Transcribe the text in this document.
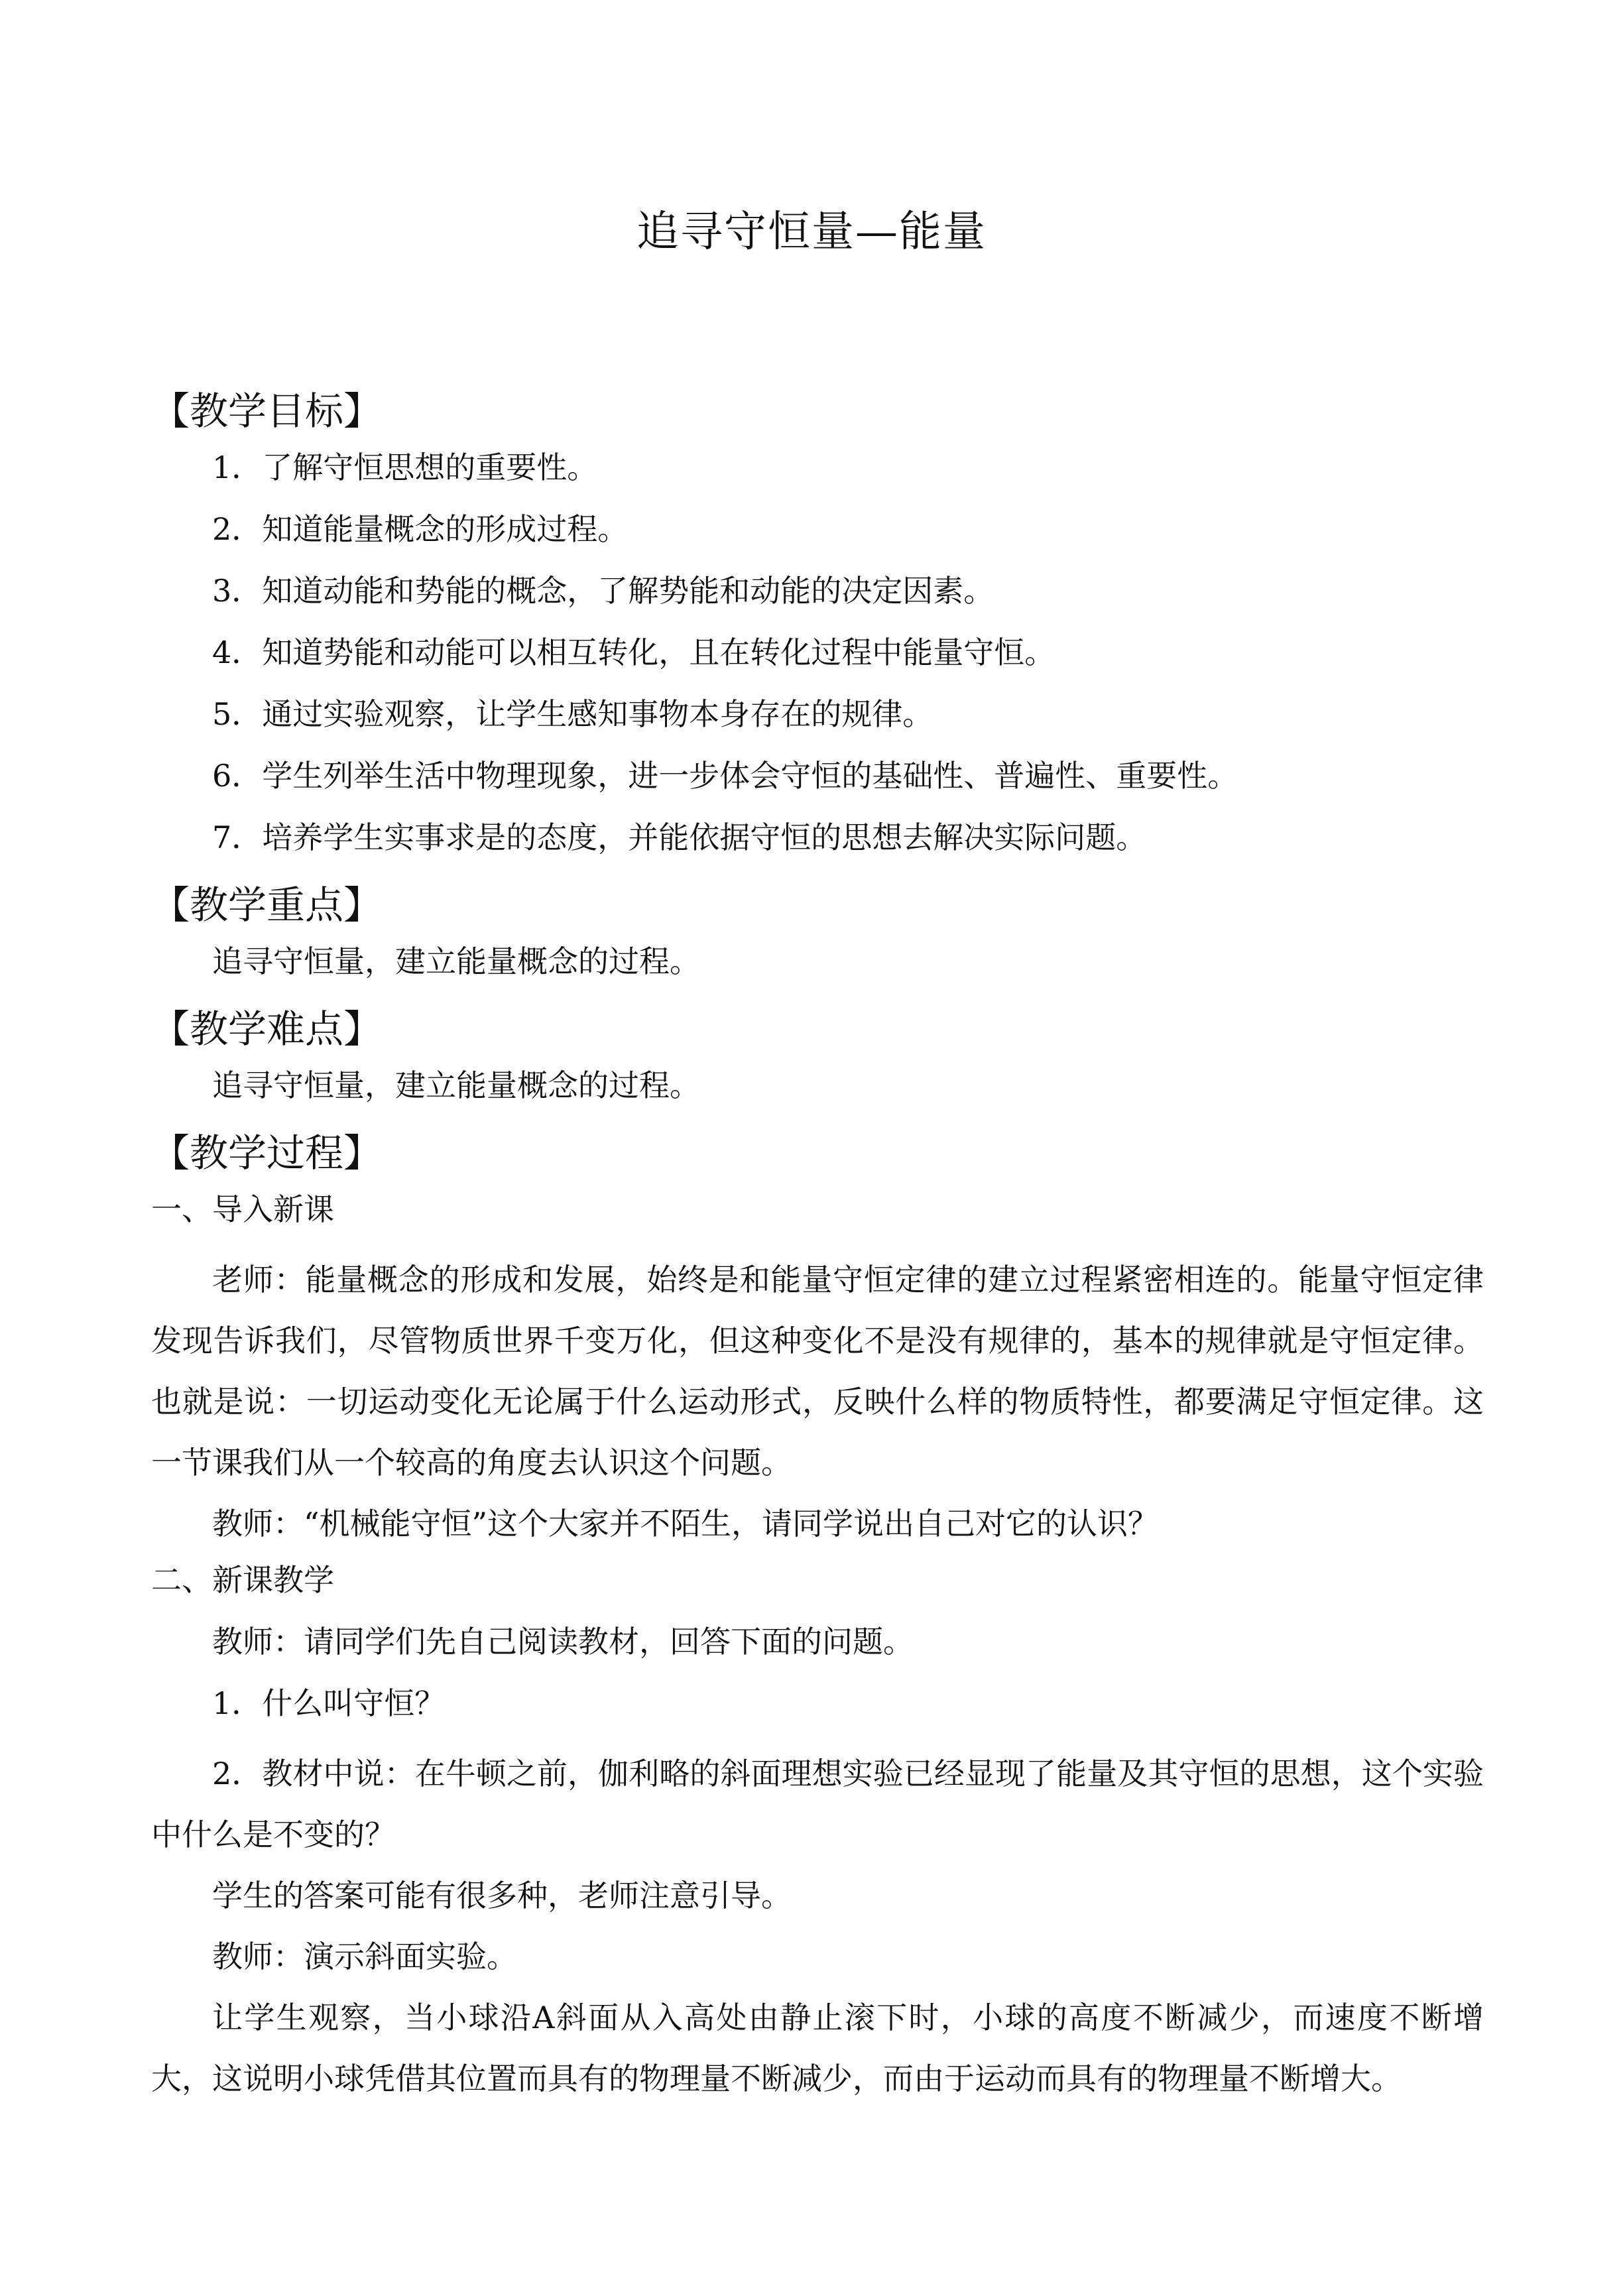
追寻守恒量—能量
【教学目标】
1．了解守恒思想的重要性。
2．知道能量概念的形成过程。
3．知道动能和势能的概念，了解势能和动能的决定因素。
4．知道势能和动能可以相互转化，且在转化过程中能量守恒。
5．通过实验观察，让学生感知事物本身存在的规律。
6．学生列举生活中物理现象，进一步体会守恒的基础性、普遍性、重要性。
7．培养学生实事求是的态度，并能依据守恒的思想去解决实际问题。
【教学重点】
追寻守恒量，建立能量概念的过程。
【教学难点】
追寻守恒量，建立能量概念的过程。
【教学过程】
一、导入新课
老师：能量概念的形成和发展，始终是和能量守恒定律的建立过程紧密相连的。能量守恒定律发现告诉我们，尽管物质世界千变万化，但这种变化不是没有规律的，基本的规律就是守恒定律。也就是说：一切运动变化无论属于什么运动形式，反映什么样的物质特性，都要满足守恒定律。这一节课我们从一个较高的角度去认识这个问题。
教师：“机械能守恒”这个大家并不陌生，请同学说出自己对它的认识？
二、新课教学
教师：请同学们先自己阅读教材，回答下面的问题。
1．什么叫守恒？
2．教材中说：在牛顿之前，伽利略的斜面理想实验已经显现了能量及其守恒的思想，这个实验中什么是不变的？
学生的答案可能有很多种，老师注意引导。
教师：演示斜面实验。
让学生观察，当小球沿A斜面从入高处由静止滚下时，小球的高度不断减少，而速度不断增大，这说明小球凭借其位置而具有的物理量不断减少，而由于运动而具有的物理量不断增大。
